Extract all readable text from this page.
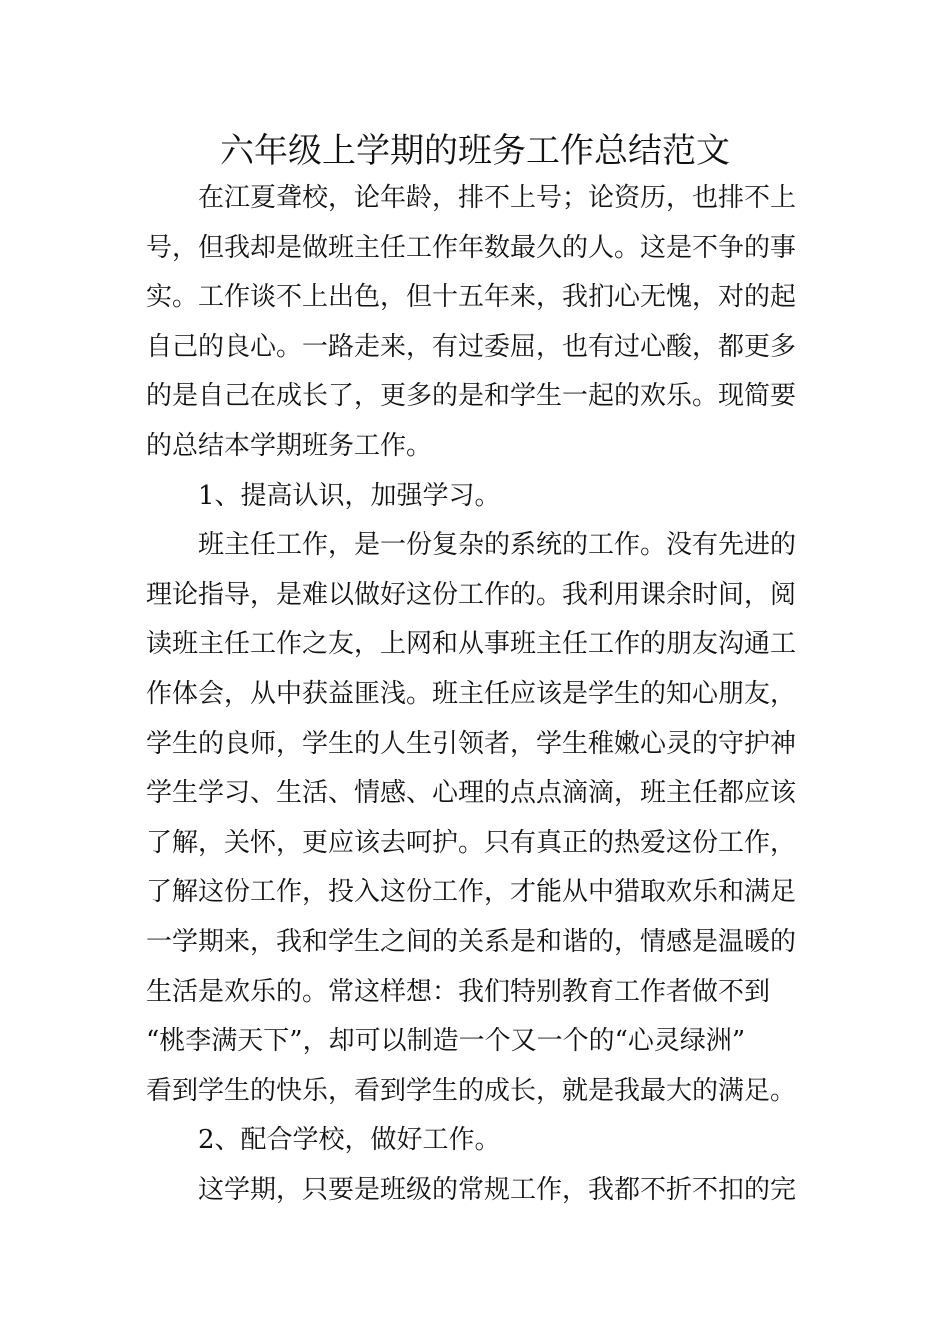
六年级上学期的班务工作总结范文
在江夏聋校，论年龄，排不上号；论资历，也排不上
号，但我却是做班主任工作年数最久的人。这是不争的事
实。工作谈不上出色，但十五年来，我扪心无愧，对的起
自己的良心。一路走来，有过委屈，也有过心酸，都更多
的是自己在成长了，更多的是和学生一起的欢乐。现简要
的总结本学期班务工作。
1、提高认识，加强学习。
班主任工作，是一份复杂的系统的工作。没有先进的
理论指导，是难以做好这份工作的。我利用课余时间，阅
读班主任工作之友，上网和从事班主任工作的朋友沟通工
作体会，从中获益匪浅。班主任应该是学生的知心朋友，
学生的良师，学生的人生引领者，学生稚嫩心灵的守护神
学生学习、生活、情感、心理的点点滴滴，班主任都应该
了解，关怀，更应该去呵护。只有真正的热爱这份工作，
了解这份工作，投入这份工作，才能从中猎取欢乐和满足
一学期来，我和学生之间的关系是和谐的，情感是温暖的
生活是欢乐的。常这样想：我们特别教育工作者做不到
“桃李满天下”，却可以制造一个又一个的“心灵绿洲”
看到学生的快乐，看到学生的成长，就是我最大的满足。
2、配合学校，做好工作。
这学期，只要是班级的常规工作，我都不折不扣的完
